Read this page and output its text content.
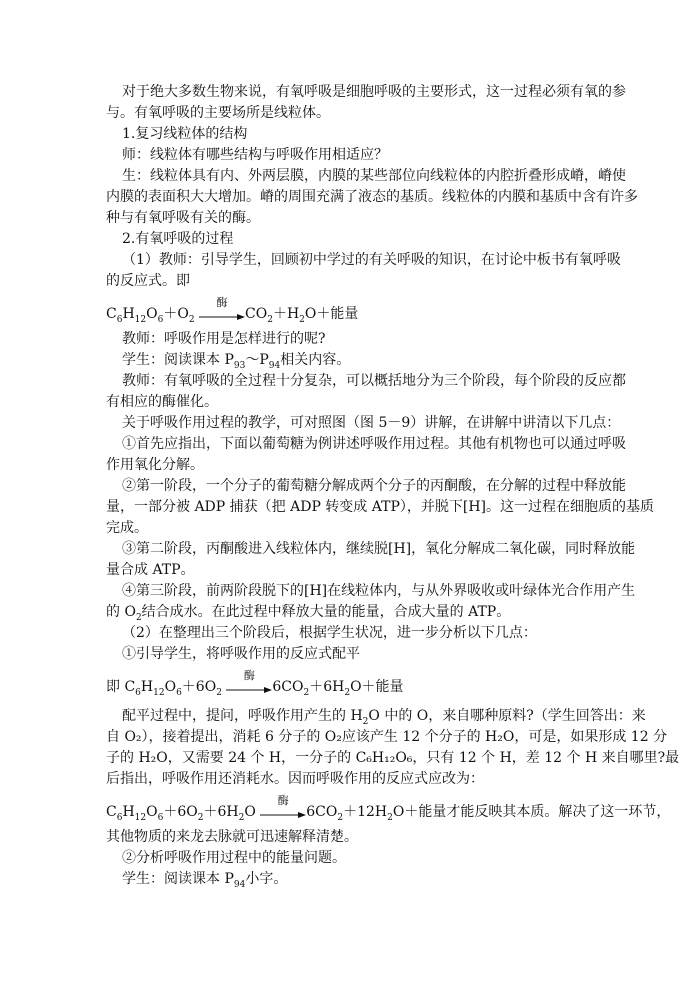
对于绝大多数生物来说，有氧呼吸是细胞呼吸的主要形式，这一过程必须有氧的参
与。有氧呼吸的主要场所是线粒体。
1.复习线粒体的结构
师：线粒体有哪些结构与呼吸作用相适应？
生：线粒体具有内、外两层膜，内膜的某些部位向线粒体的内腔折叠形成嵴，嵴使
内膜的表面积大大增加。嵴的周围充满了液态的基质。线粒体的内膜和基质中含有许多
种与有氧呼吸有关的酶。
2.有氧呼吸的过程
（1）教师：引导学生，回顾初中学过的有关呼吸的知识，在讨论中板书有氧呼吸
的反应式。即
$C_6H_{12}O_6+O_2$
酶
$CO_2+H_2O+$能量
教师：呼吸作用是怎样进行的呢?
学生：阅读课本 $P_{93}\sim P_{94}$相关内容。
教师：有氧呼吸的全过程十分复杂，可以概括地分为三个阶段，每个阶段的反应都
有相应的酶催化。
关于呼吸作用过程的教学，可对照图（图 5－9）讲解，在讲解中讲清以下几点：
①首先应指出，下面以葡萄糖为例讲述呼吸作用过程。其他有机物也可以通过呼吸
作用氧化分解。
②第一阶段，一个分子的葡萄糖分解成两个分子的丙酮酸，在分解的过程中释放能
量，一部分被 ADP 捕获（把 ADP 转变成 ATP），并脱下[H]。这一过程在细胞质的基质
完成。
③第二阶段，丙酮酸进入线粒体内，继续脱[H]，氧化分解成二氧化碳，同时释放能
量合成 ATP。
④第三阶段，前两阶段脱下的[H]在线粒体内，与从外界吸收或叶绿体光合作用产生
的 $O_2$结合成水。在此过程中释放大量的能量，合成大量的 ATP。
（2）在整理出三个阶段后，根据学生状况，进一步分析以下几点：
①引导学生，将呼吸作用的反应式配平
即 $C_6H_{12}O_6+6O_2$
酶
$6CO_2+6H_2O+$能量
配平过程中，提问，呼吸作用产生的 $H_2O$ 中的 O，来自哪种原料?（学生回答出：来
自 O₂），接着提出，消耗 6 分子的 O₂应该产生 12 个分子的 H₂O，可是，如果形成 12 分
子的 H₂O，又需要 24 个 H，一分子的 C₆H₁₂O₆，只有 12 个 H，差 12 个 H 来自哪里?最
后指出，呼吸作用还消耗水。因而呼吸作用的反应式应改为：
$C_6H_{12}O_6+6O_2+6H_2O$
酶
$6CO_2+12H_2O+$能量才能反映其本质。解决了这一环节，
其他物质的来龙去脉就可迅速解释清楚。
②分析呼吸作用过程中的能量问题。
学生：阅读课本 $P_{94}$小字。
